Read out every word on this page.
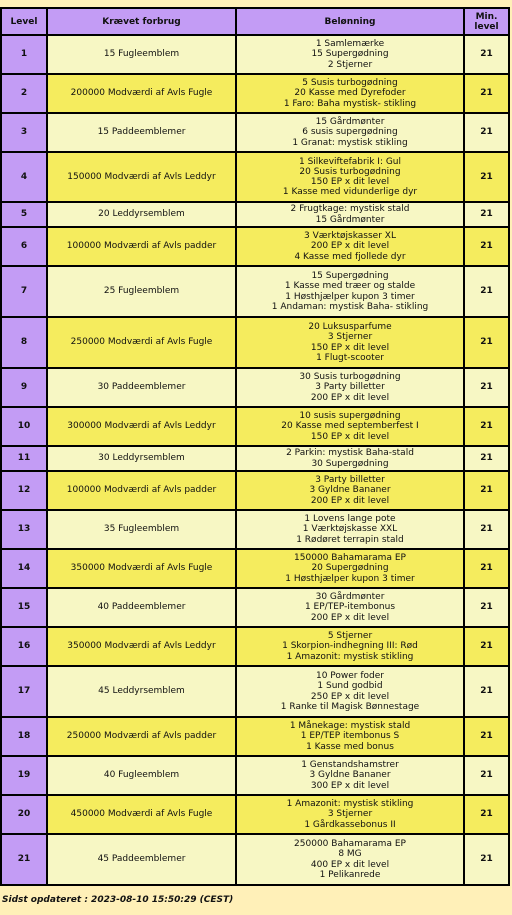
Level	Krævet forbrug	Belønning	Min. level
1	15 Fugleemblem	1 Samlemærke
15 Supergødning
2 Stjerner	21
2	200000 Modværdi af Avls Fugle	5 Susis turbogødning
20 Kasse med Dyrefoder
1 Faro: Baha mystisk- stikling	21
3	15 Paddeemblemer	15 Gårdmønter
6 susis supergødning
1 Granat: mystisk stikling	21
4	150000 Modværdi af Avls Leddyr	1 Silkeviftefabrik I: Gul
20 Susis turbogødning
150 EP x dit level
1 Kasse med vidunderlige dyr	21
5	20 Leddyrsemblem	2 Frugtkage: mystisk stald
15 Gårdmønter	21
6	100000 Modværdi af Avls padder	3 Værktøjskasser XL
200 EP x dit level
4 Kasse med fjollede dyr	21
7	25 Fugleemblem	15 Supergødning
1 Kasse med træer og stalde
1 Høsthjælper kupon 3 timer
1 Andaman: mystisk Baha- stikling	21
8	250000 Modværdi af Avls Fugle	20 Luksusparfume
3 Stjerner
150 EP x dit level
1 Flugt-scooter	21
9	30 Paddeemblemer	30 Susis turbogødning
3 Party billetter
200 EP x dit level	21
10	300000 Modværdi af Avls Leddyr	10 susis supergødning
20 Kasse med septemberfest I
150 EP x dit level	21
11	30 Leddyrsemblem	2 Parkin: mystisk Baha-stald
30 Supergødning	21
12	100000 Modværdi af Avls padder	3 Party billetter
3 Gyldne Bananer
200 EP x dit level	21
13	35 Fugleemblem	1 Lovens lange pote
1 Værktøjskasse XXL
1 Rødøret terrapin stald	21
14	350000 Modværdi af Avls Fugle	150000 Bahamarama EP
20 Supergødning
1 Høsthjælper kupon 3 timer	21
15	40 Paddeemblemer	30 Gårdmønter
1 EP/TEP-itembonus
200 EP x dit level	21
16	350000 Modværdi af Avls Leddyr	5 Stjerner
1 Skorpion-indhegning III: Rød
1 Amazonit: mystisk stikling	21
17	45 Leddyrsemblem	10 Power foder
1 Sund godbid
250 EP x dit level
1 Ranke til Magisk Bønnestage	21
18	250000 Modværdi af Avls padder	1 Månekage: mystisk stald
1 EP/TEP itembonus S
1 Kasse med bonus	21
19	40 Fugleemblem	1 Genstandshamstrer
3 Gyldne Bananer
300 EP x dit level	21
20	450000 Modværdi af Avls Fugle	1 Amazonit: mystisk stikling
3 Stjerner
1 Gårdkassebonus II	21
21	45 Paddeemblemer	250000 Bahamarama EP
8 MG
400 EP x dit level
1 Pelikanrede	21
Sidst opdateret : 2023-08-10 15:50:29 (CEST)
